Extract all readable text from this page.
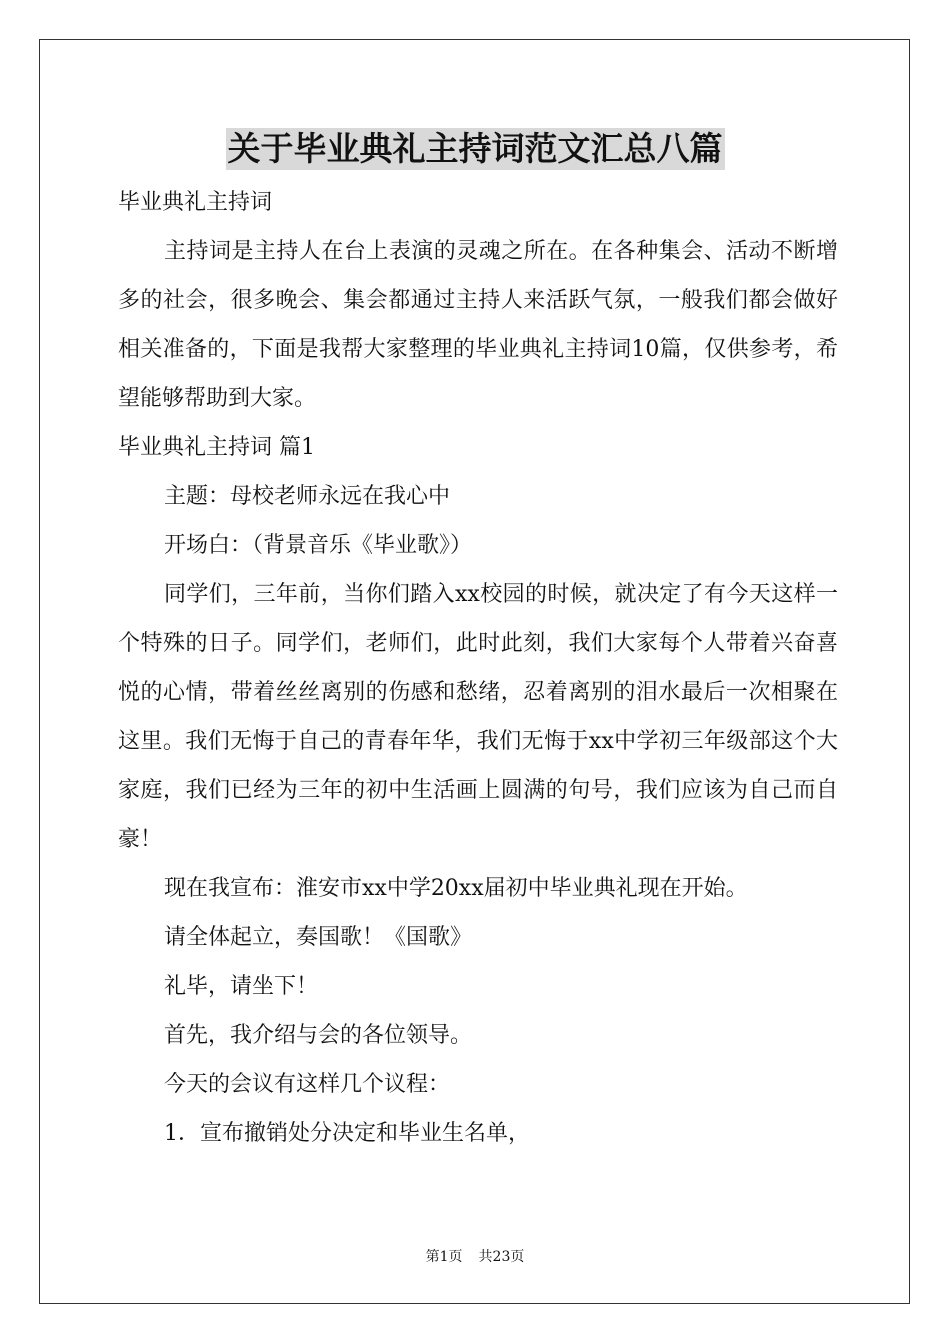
关于毕业典礼主持词范文汇总八篇

毕业典礼主持词

主持词是主持人在台上表演的灵魂之所在。在各种集会、活动不断增多的社会，很多晚会、集会都通过主持人来活跃气氛，一般我们都会做好相关准备的，下面是我帮大家整理的毕业典礼主持词10篇，仅供参考，希望能够帮助到大家。

毕业典礼主持词 篇1

主题：母校老师永远在我心中

开场白：（背景音乐《毕业歌》）

同学们，三年前，当你们踏入xx校园的时候，就决定了有今天这样一个特殊的日子。同学们，老师们，此时此刻，我们大家每个人带着兴奋喜悦的心情，带着丝丝离别的伤感和愁绪，忍着离别的泪水最后一次相聚在这里。我们无悔于自己的青春年华，我们无悔于xx中学初三年级部这个大家庭，我们已经为三年的初中生活画上圆满的句号，我们应该为自己而自豪！

现在我宣布：淮安市xx中学20xx届初中毕业典礼现在开始。

请全体起立，奏国歌！《国歌》

礼毕，请坐下！

首先，我介绍与会的各位领导。

今天的会议有这样几个议程：

1．宣布撤销处分决定和毕业生名单，

第1页 共23页
